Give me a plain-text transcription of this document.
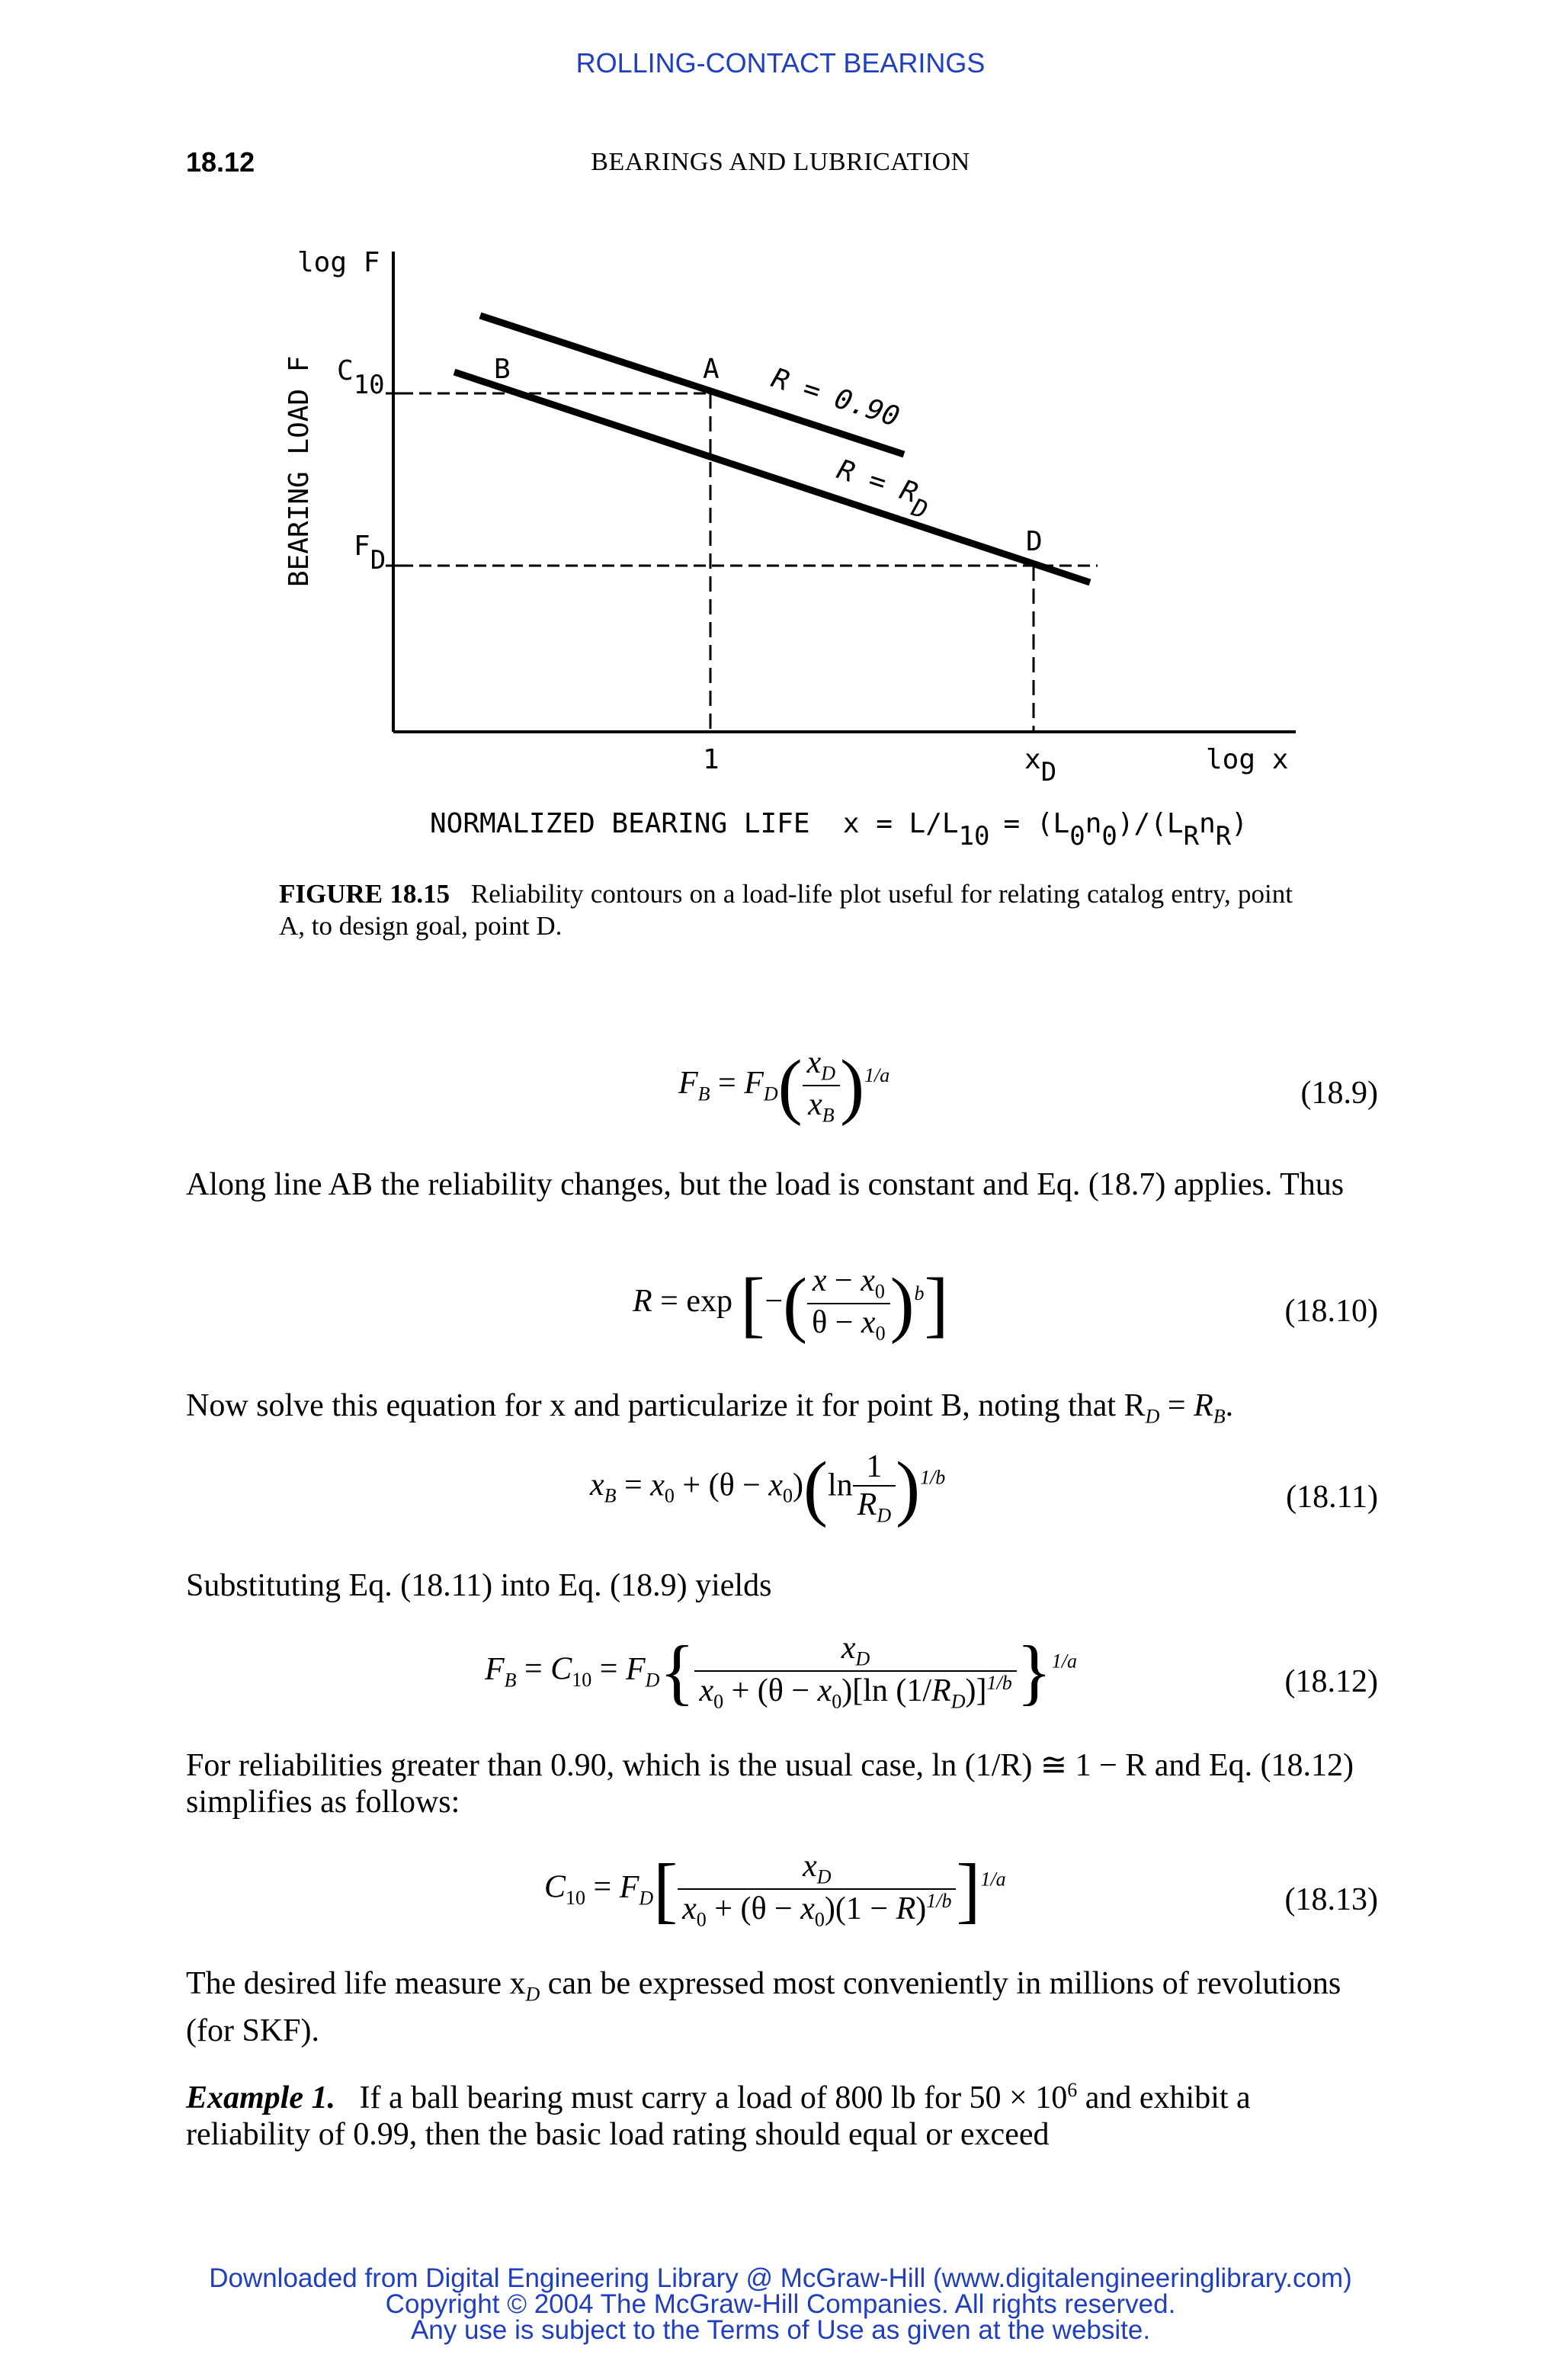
ROLLING-CONTACT BEARINGS
18.12	BEARINGS AND LUBRICATION
log F
BEARING LOAD F C10
FD
B	A
D
R = 0.90
R = RD
1	xD	log x
NORMALIZED BEARING LIFE  x = L/L10 = (L0n0)/(LRnR)
FIGURE 18.15 Reliability contours on a load-life plot useful for relating catalog entry, point A, to design goal, point D.
$F_B = F_D( \frac{x_D}{x_B} )^{1/a}$
(18.9)
Along line AB the reliability changes, but the load is constant and Eq. (18.7) applies. Thus
R = exp [−( $\frac{x - x_0}{\theta - x_0} )^b$]	(18.10)
Now solve this equation for x and particularize it for point B, noting that $R_D = R_B$.
$x_B = x_0 + (\theta - x_0)(\ln \frac{1}{R_D} )^{1/b}$
(18.11)
Substituting Eq. (18.11) into Eq. (18.9) yields
$F_B = C_{10} = F_D\{ \frac{x_D}{x_0 + (\theta - x_0)[\ln (1/R_D)]^{1/b}} \}^{1/a}$
(18.12)
For reliabilities greater than 0.90, which is the usual case, ln (1/R) ≅ 1 − R and Eq. (18.12) simplifies as follows:
$C_{10} = F_D[ \frac{x_D}{x_0 + (\theta - x_0)(1 - R)^{1/b}} ]^{1/a}$
(18.13)
The desired life measure $x_D$ can be expressed most conveniently in millions of revolutions (for SKF).
Example 1. If a ball bearing must carry a load of 800 lb for $50 \times 10^6$ and exhibit a reliability of 0.99, then the basic load rating should equal or exceed
Downloaded from Digital Engineering Library @ McGraw-Hill (www.digitalengineeringlibrary.com)
Copyright © 2004 The McGraw-Hill Companies. All rights reserved.
Any use is subject to the Terms of Use as given at the website.
